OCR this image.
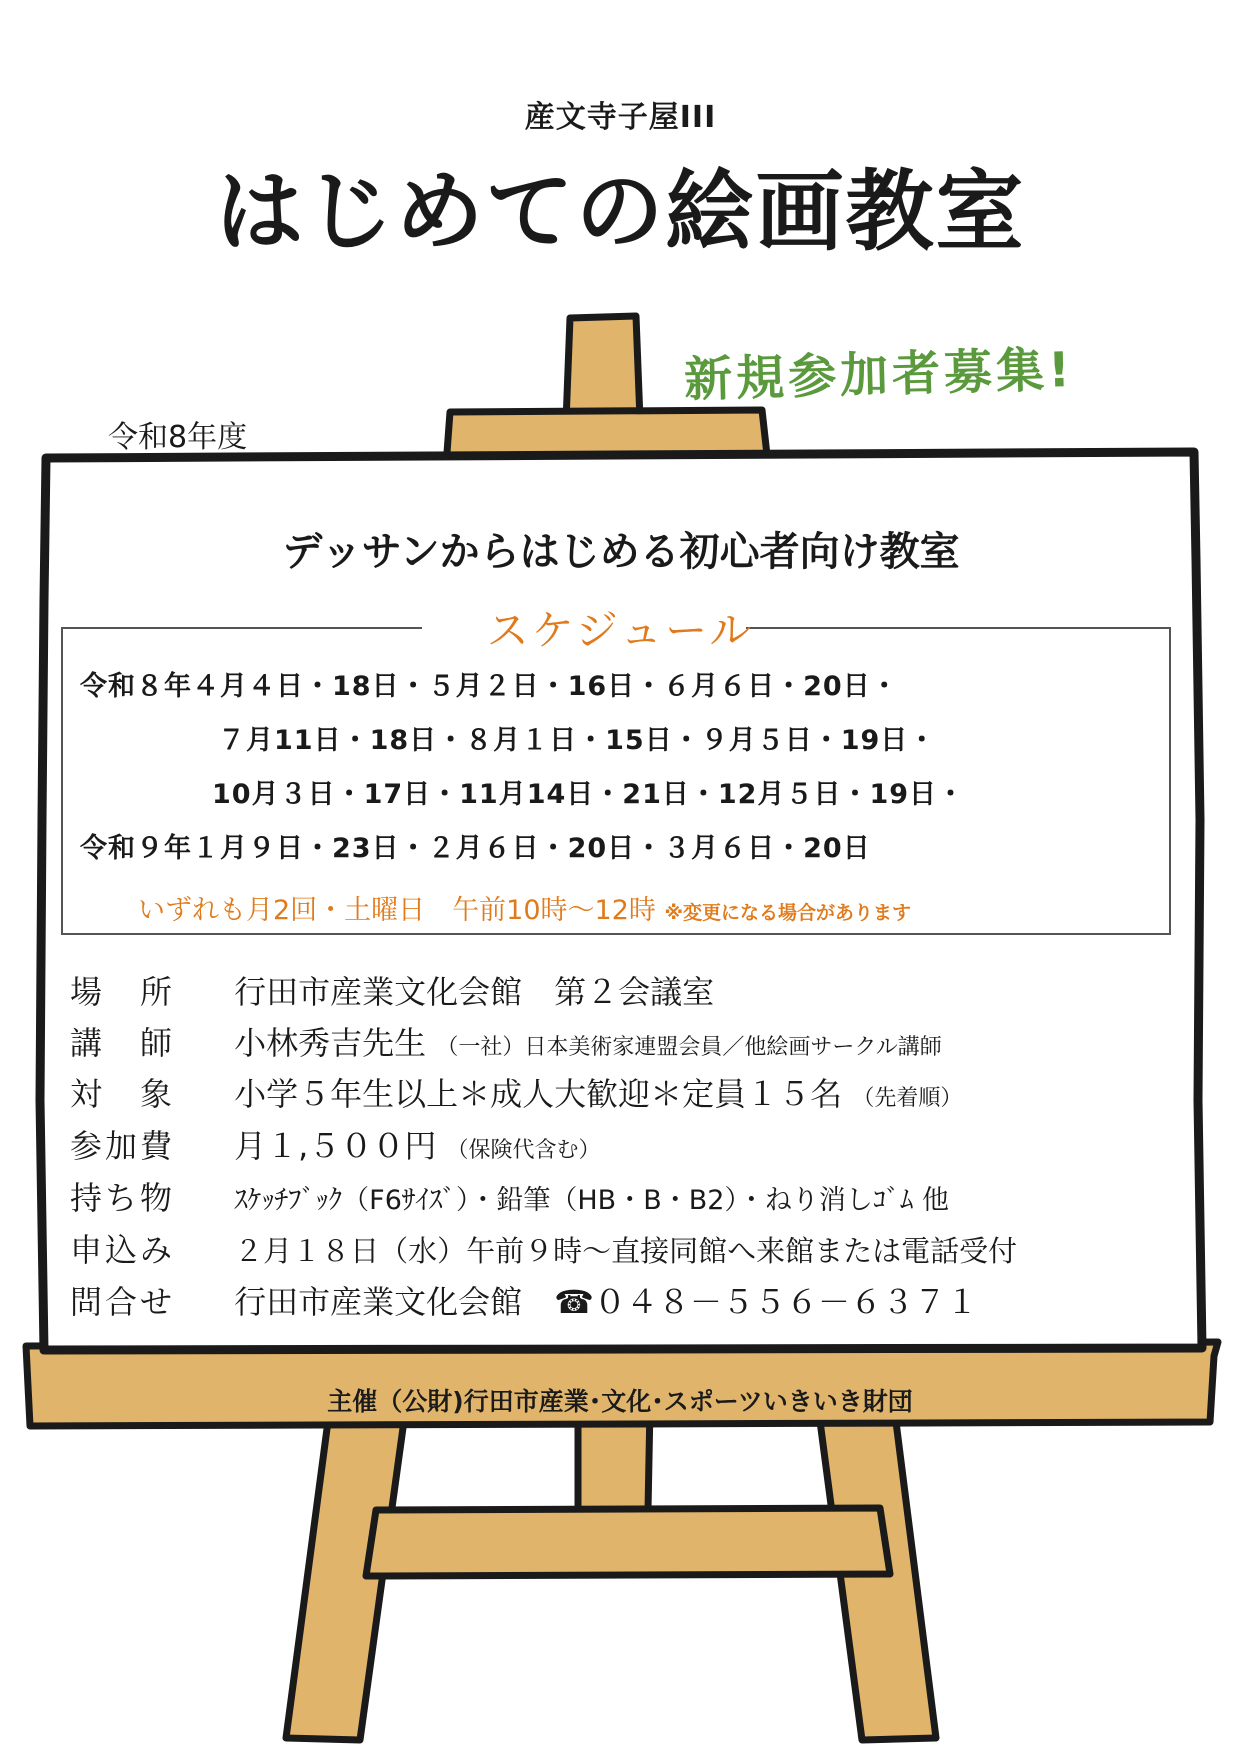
産文寺子屋III
はじめての絵画教室
新規参加者募集!
令和8年度
デッサンからはじめる初心者向け教室
スケジュール
令和８年４月４日・18日・５月２日・16日・６月６日・20日・
７月11日・18日・８月１日・15日・９月５日・19日・
10月３日・17日・11月14日・21日・12月５日・19日・
令和９年１月９日・23日・２月６日・20日・３月６日・20日
いずれも月2回・土曜日　午前10時〜12時 ※変更になる場合があります
場　所 行田市産業文化会館　第２会議室
講　師 小林秀吉先生 （一社）日本美術家連盟会員／他絵画サークル講師
対　象 小学５年生以上＊成人大歓迎＊定員１５名 （先着順）
参加費 月１,５００円 （保険代含む）
持ち物 ｽｹｯﾁﾌﾞｯｸ（F6ｻｲｽﾞ）・鉛筆（HB・B・B2）・ねり消しｺﾞﾑ 他
申込み ２月１８日（水）午前９時～直接同館へ来館または電話受付
問合せ 行田市産業文化会館　☎０４８－５５６－６３７１
主催（公財)行田市産業･文化･スポーツいきいき財団
